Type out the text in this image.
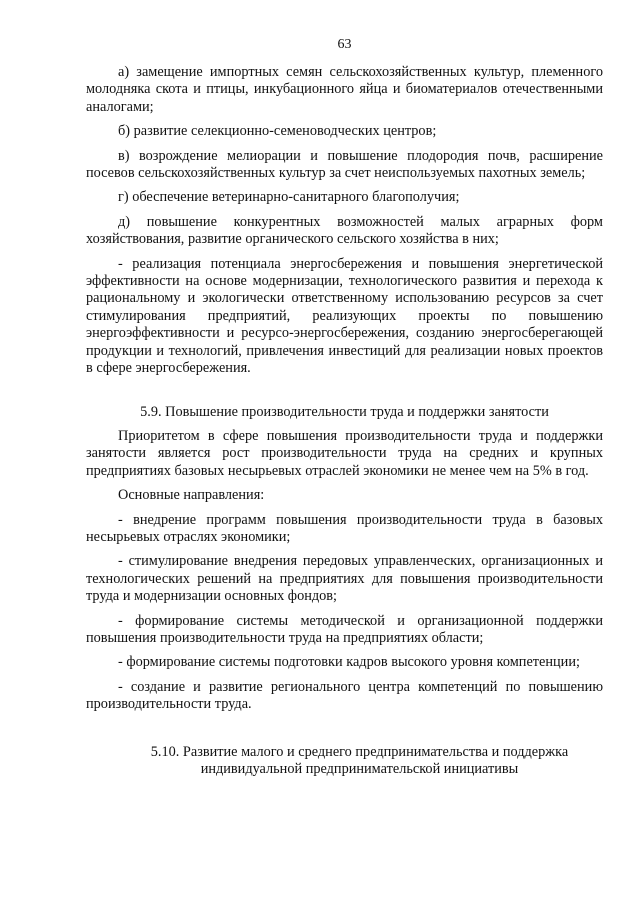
63

а) замещение импортных семян сельскохозяйственных культур, племенного молодняка скота и птицы, инкубационного яйца и биоматериалов отечественными аналогами;

б) развитие селекционно-семеноводческих центров;

в) возрождение мелиорации и повышение плодородия почв, расширение посевов сельскохозяйственных культур за счет неиспользуемых пахотных земель;

г) обеспечение ветеринарно-санитарного благополучия;

д) повышение конкурентных возможностей малых аграрных форм хозяйствования, развитие органического сельского хозяйства в них;

- реализация потенциала энергосбережения и повышения энергетической эффективности на основе модернизации, технологического развития и перехода к рациональному и экологически ответственному использованию ресурсов за счет стимулирования предприятий, реализующих проекты по повышению энергоэффективности и ресурсо-энергосбережения, созданию энергосберегающей продукции и технологий, привлечения инвестиций для реализации новых проектов в сфере энергосбережения.

5.9. Повышение производительности труда и поддержки занятости

Приоритетом в сфере повышения производительности труда и поддержки занятости является рост производительности труда на средних и крупных предприятиях базовых несырьевых отраслей экономики не менее чем на 5% в год.

Основные направления:

- внедрение программ повышения производительности труда в базовых несырьевых отраслях экономики;

- стимулирование внедрения передовых управленческих, организационных и технологических решений на предприятиях для повышения производительности труда и модернизации основных фондов;

- формирование системы методической и организационной поддержки повышения производительности труда на предприятиях области;

- формирование системы подготовки кадров высокого уровня компетенции;

- создание и развитие регионального центра компетенций по повышению производительности труда.

5.10. Развитие малого и среднего предпринимательства и поддержка
индивидуальной предпринимательской инициативы
